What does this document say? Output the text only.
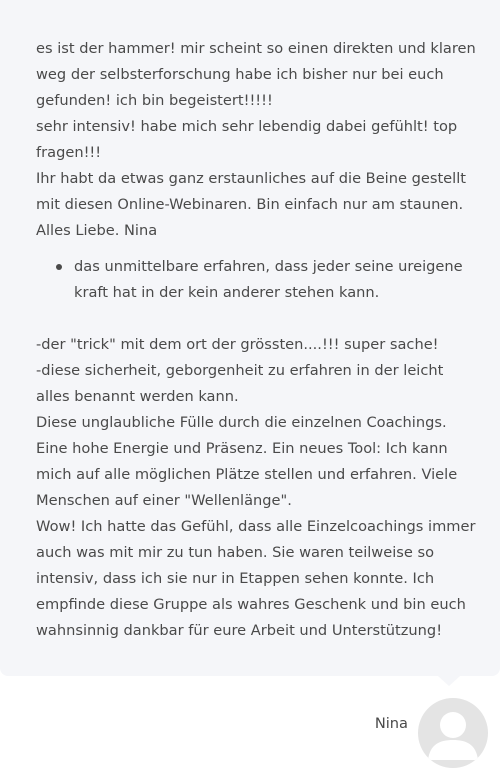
es ist der hammer! mir scheint so einen direkten und klaren weg der selbsterforschung habe ich bisher nur bei euch gefunden! ich bin begeistert!!!!!

sehr intensiv! habe mich sehr lebendig dabei gefühlt! top fragen!!!

Ihr habt da etwas ganz erstaunliches auf die Beine gestellt mit diesen Online-Webinaren. Bin einfach nur am staunen. Alles Liebe. Nina

das unmittelbare erfahren, dass jeder seine ureigene kraft hat in der kein anderer stehen kann.

-der "trick" mit dem ort der grössten....!!! super sache!

-diese sicherheit, geborgenheit zu erfahren in der leicht alles benannt werden kann.

Diese unglaubliche Fülle durch die einzelnen Coachings. Eine hohe Energie und Präsenz. Ein neues Tool: Ich kann mich auf alle möglichen Plätze stellen und erfahren. Viele Menschen auf einer "Wellenlänge".

Wow! Ich hatte das Gefühl, dass alle Einzelcoachings immer auch was mit mir zu tun haben. Sie waren teilweise so intensiv, dass ich sie nur in Etappen sehen konnte. Ich empfinde diese Gruppe als wahres Geschenk und bin euch wahnsinnig dankbar für eure Arbeit und Unterstützung!

Nina
